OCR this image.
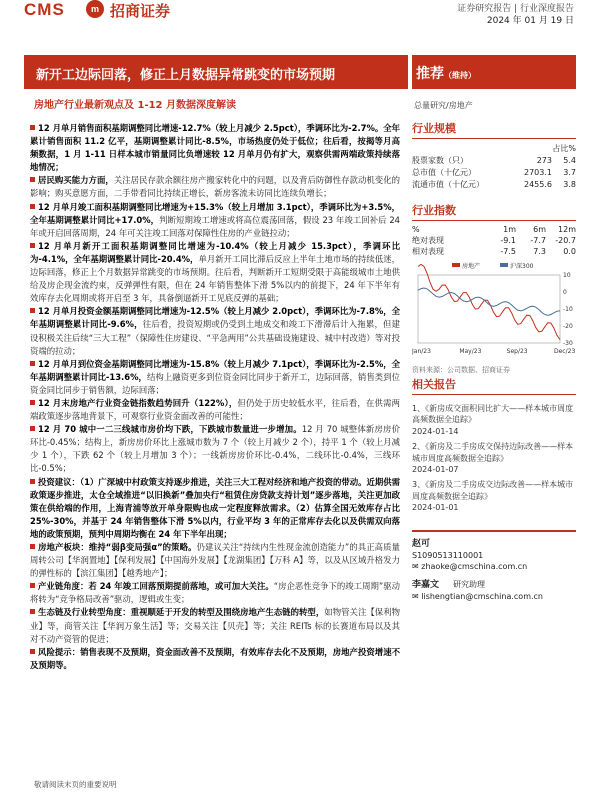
CMS	m 招商证券	证券研究报告 | 行业深度报告
2024 年 01 月 19 日
新开工边际回落，修正上月数据异常跳变的市场预期	推荐（维持）
房地产行业最新观点及 1-12 月数据深度解读	总量研究/房地产
12 月单月销售面积基期调整同比增速-12.7%（较上月减少 2.5pct），季调环比为-2.7%。全年累计销售面积 11.2 亿平，基期调整累计同比-8.5%，市场热度仍处于低位；往后看，按揭等月高频数据，1 月 1-11 日样本城市销量同比负增速较 12 月单月仍有扩大，观察供需两端政策持续落地情况；
居民购买能力方面，关注居民存款余额往房产搬家转化中的问题，以及背后防御性存款动机变化的影响；购买意愿方面，二手带看同比持续正增长，新房客流未访同比连续负增长；
12 月单月竣工面积基期调整同比增速为+15.3%（较上月增加 3.1pct），季调环比为+3.5%，全年基期调整累计同比+17.0%，判断短期竣工增速或将高位震荡回落，假设 23 年竣工回补后 24 年或开启回落周期，24 年可关注竣工回落对保障性住房的产业链拉动；
12 月单月新开工面积基期调整同比增速为-10.4%（较上月减少 15.3pct），季调环比为-4.1%，全年基期调整累计同比-20.4%，单月新开工同比滞后反应上半年土地市场的持续低迷，边际回落，修正上个月数据异常跳变的市场预期。往后看，判断新开工短期受限于高能级城市土地供给及房企现金流约束，反弹弹性有限，但在 24 年销售整体下滑 5%以内的前提下，24 年下半年有效库存去化周期或将开启至 3 年，具备倒逼新开工见底反弹的基础；
12 月单月投资金额基期调整同比增速为-12.5%（较上月减少 2.0pct），季调环比为-7.8%，全年基期调整累计同比-9.6%，往后看，投资短期或仍受到土地成交和竣工下滑滞后计入拖累，但建设积极关注后续“三大工程”（保障性住房建设、“平急两用”公共基础设施建设、城中村改造）等对投资端的拉动；
12 月单月到位资金基期调整同比增速为-15.8%（较上月减少 7.1pct），季调环比为-2.5%，全年基期调整累计同比-13.6%，结构上融资更多到位资金同比同步于新开工，边际回落，销售类到位资金同比同步于销售额，边际回落；
12 月末房地产行业资金链指数趋势回升（122%），但仍处于历史较低水平，往后看，在供需两端政策逐步落地背景下，可观察行业资金面改善的可能性；
12 月 70 城中一二三线城市房价均下跌，下跌城市数量进一步增加。12 月 70 城整体新房房价环比-0.45%；结构上，新房房价环比上涨城市数为 7 个（较上月减少 2 个），持平 1 个（较上月减少 1 个），下跌 62 个（较上月增加 3 个）；一线新房房价环比-0.4%，二线环比-0.4%，三线环比-0.5%；
投资建议：（1）广深城中村政策支持逐步推进，关注三大工程对经济和地产投资的带动。近期供需政策逐步推进，太仓全域推进“以旧换新”叠加央行“租赁住房贷款支持计划”逐步落地，关注更加政策在供给端的作用，上海青浦等放开单身限购也成一定程度释放需求。（2）估算全国无效库存占比 25%-30%，并基于 24 年销售整体下滑 5%以内，行业平均 3 年的正常库存去化以及供需双向落地的政策预期，预判中周期均衡在 24 年下半年出现；
房地产板块：维持“弱β变局强α”的策略。仍建议关注“持续内生性现金流创造能力”的具正高质量周转公司【华润置地】【保利发展】【中国海外发展】【龙湖集团】【万科 A】等，以及从区域升格发力的弹性标的【滨江集团】【越秀地产】；
产业链角度：若 24 年竣工回落预期提前落地，或可加大关注。“房企恶性竞争下的竣工周期”驱动将转为“竞争格局改善”驱动，逻辑或生变；
生态链及行业转型角度：重视顺延于开发的转型及围绕房地产生态链的转型，如物管关注【保利物业】等，商管关注【华润万象生活】等；交易关注【贝壳】等；关注 REITs 标的长赛道布局以及其对不动产资管的促进；
风险提示：销售表现不及预期，资金面改善不及预期，有效库存去化不及预期，房地产投资增速不及预期等。
行业规模
占比%
股票家数（只）	273	5.4
总市值（十亿元）	2703.1	3.7
流通市值（十亿元）	2455.6	3.8
行业指数
%	1m	6m	12m
绝对表现	-9.1	-7.7	-20.7
相对表现	-7.5	7.3	0.0
房地产	沪深300
10
0
-10
-20
-30
Jan/23	May/23	Sep/23	Dec/23
资料来源：公司数据、招商证券
相关报告
1、《新房成交面积同比扩大——样本城市周度高频数据全追踪》
2024-01-14
2、《新房及二手房成交保持边际改善——样本城市周度高频数据全追踪》
2024-01-07
3、《新房及二手房成交边际改善——样本城市周度高频数据全追踪》
2024-01-01
赵可
S1090513110001
✉ zhaoke@cmschina.com.cn
李嘉文 研究助理
✉ lishengtian@cmschina.com.cn
敬请阅读末页的重要说明
